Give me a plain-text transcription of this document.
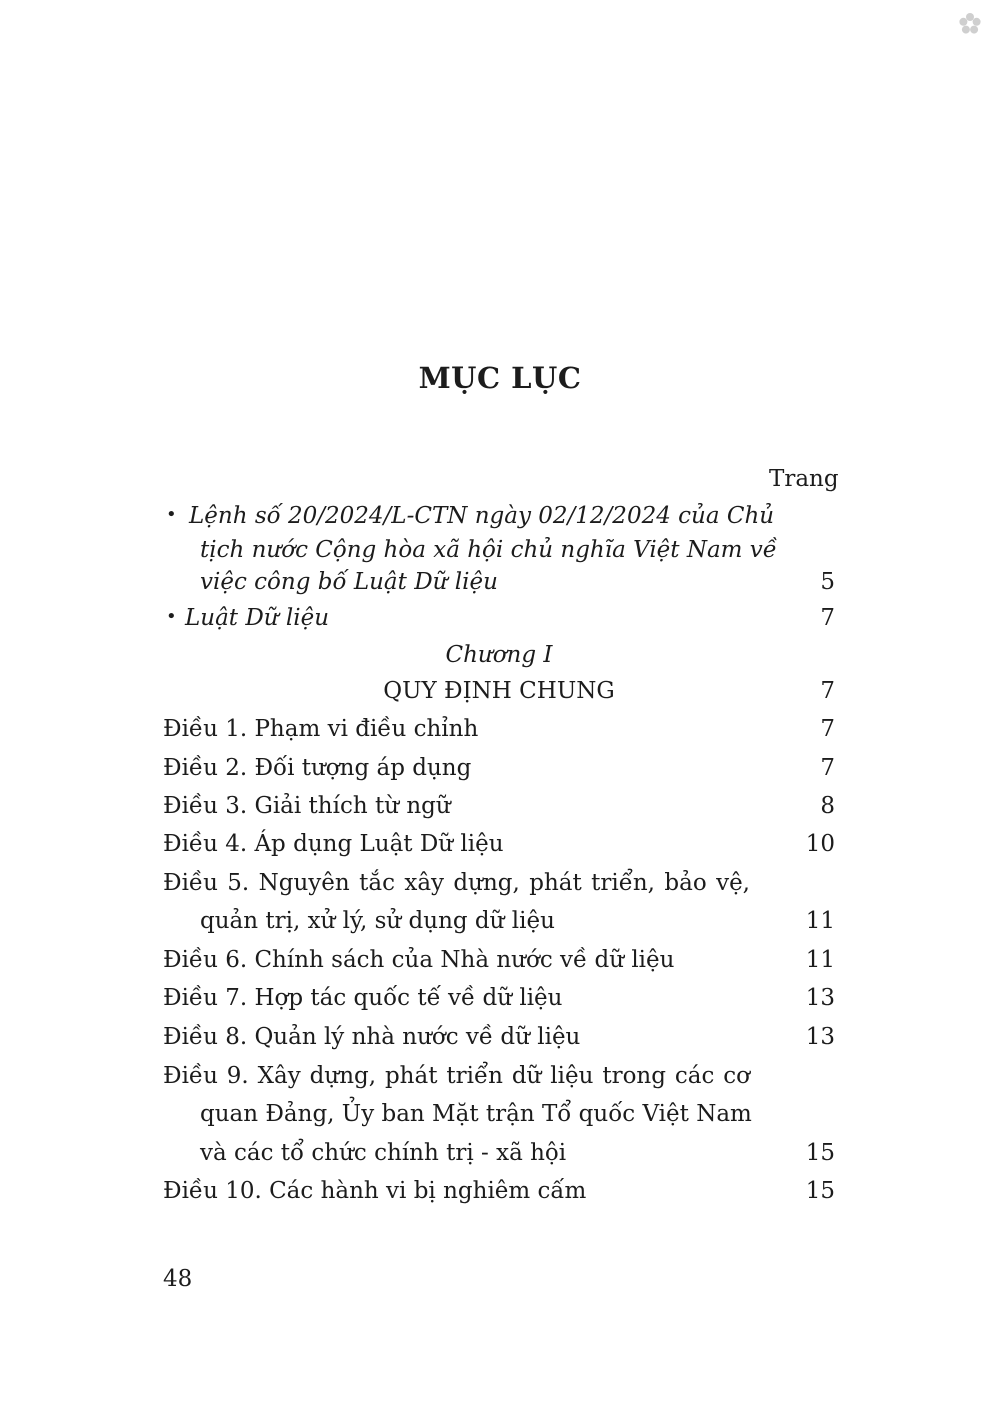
MỤC LỤC
Trang
• Lệnh số 20/2024/L-CTN ngày 02/12/2024 của Chủ
tịch nước Cộng hòa xã hội chủ nghĩa Việt Nam về
việc công bố Luật Dữ liệu	5
• Luật Dữ liệu	7
Chương I
QUY ĐỊNH CHUNG	7
Điều 1. Phạm vi điều chỉnh	7
Điều 2. Đối tượng áp dụng	7
Điều 3. Giải thích từ ngữ	8
Điều 4. Áp dụng Luật Dữ liệu	10
Điều 5. Nguyên tắc xây dựng, phát triển, bảo vệ,
quản trị, xử lý, sử dụng dữ liệu	11
Điều 6. Chính sách của Nhà nước về dữ liệu	11
Điều 7. Hợp tác quốc tế về dữ liệu	13
Điều 8. Quản lý nhà nước về dữ liệu	13
Điều 9. Xây dựng, phát triển dữ liệu trong các cơ
quan Đảng, Ủy ban Mặt trận Tổ quốc Việt Nam
và các tổ chức chính trị - xã hội	15
Điều 10. Các hành vi bị nghiêm cấm	15
48
